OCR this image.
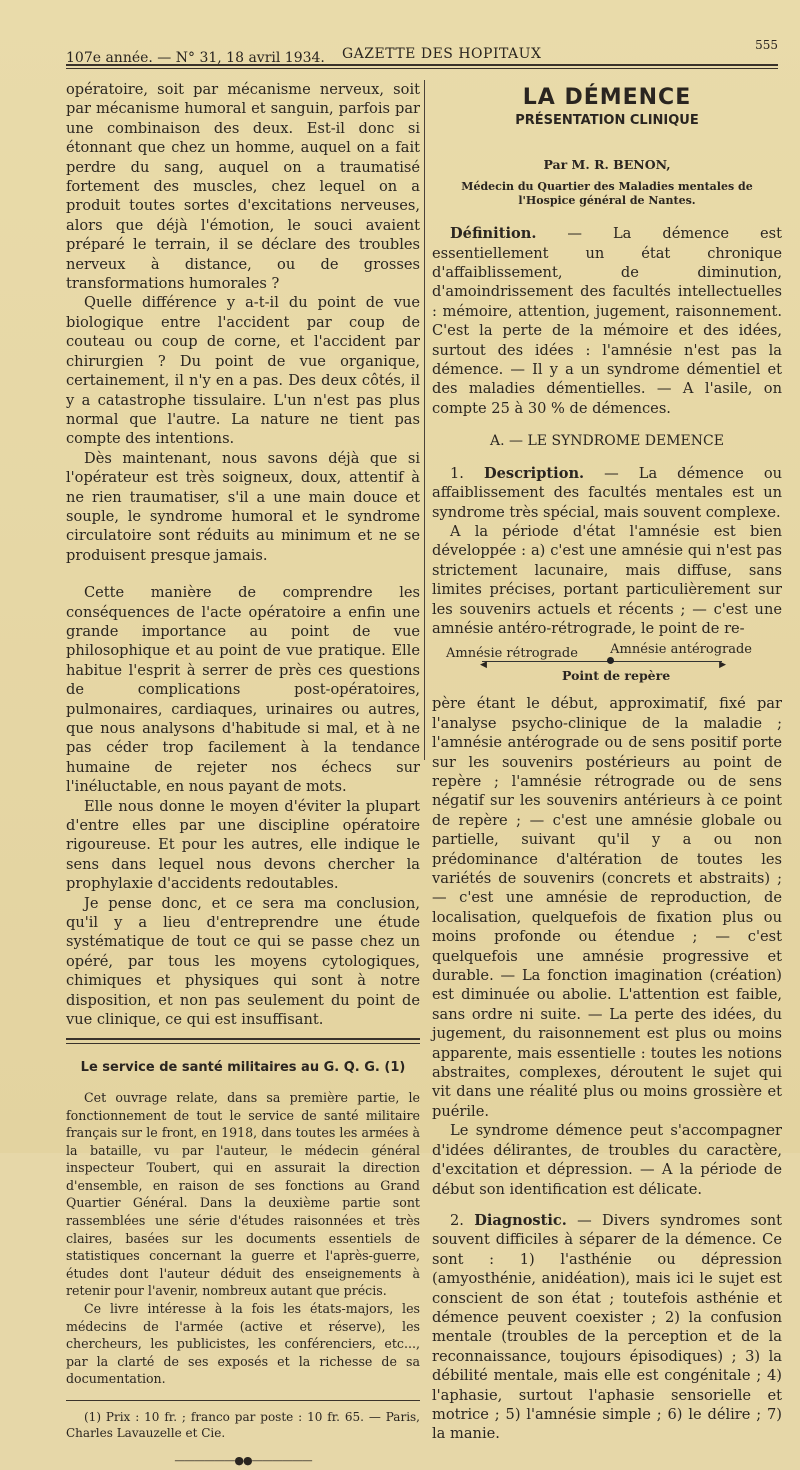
107e année. — N° 31, 18 avril 1934. GAZETTE DES HOPITAUX
555

opératoire, soit par mécanisme nerveux, soit par mécanisme humoral et sanguin, parfois par une combinaison des deux. Est-il donc si étonnant que chez un homme, auquel on a fait perdre du sang, auquel on a traumatisé fortement des muscles, chez lequel on a produit toutes sortes d'excitations nerveuses, alors que déjà l'émotion, le souci avaient préparé le terrain, il se déclare des troubles nerveux à distance, ou de grosses transformations humorales ?

Quelle différence y a-t-il du point de vue biologique entre l'accident par coup de couteau ou coup de corne, et l'accident par chirurgien ? Du point de vue organique, certainement, il n'y en a pas. Des deux côtés, il y a catastrophe tissulaire. L'un n'est pas plus normal que l'autre. La nature ne tient pas compte des intentions.

Dès maintenant, nous savons déjà que si l'opérateur est très soigneux, doux, attentif à ne rien traumatiser, s'il a une main douce et souple, le syndrome humoral et le syndrome circulatoire sont réduits au minimum et ne se produisent presque jamais.

Cette manière de comprendre les conséquences de l'acte opératoire a enfin une grande importance au point de vue philosophique et au point de vue pratique. Elle habitue l'esprit à serrer de près ces questions de complications post-opératoires, pulmonaires, cardiaques, urinaires ou autres, que nous analysons d'habitude si mal, et à ne pas céder trop facilement à la tendance humaine de rejeter nos échecs sur l'inéluctable, en nous payant de mots.

Elle nous donne le moyen d'éviter la plupart d'entre elles par une discipline opératoire rigoureuse. Et pour les autres, elle indique le sens dans lequel nous devons chercher la prophylaxie d'accidents redoutables.

Je pense donc, et ce sera ma conclusion, qu'il y a lieu d'entreprendre une étude systématique de tout ce qui se passe chez un opéré, par tous les moyens cytologiques, chimiques et physiques qui sont à notre disposition, et non pas seulement du point de vue clinique, ce qui est insuffisant.

Le service de santé militaires au G. Q. G. (1)

Cet ouvrage relate, dans sa première partie, le fonctionnement de tout le service de santé militaire français sur le front, en 1918, dans toutes les armées à la bataille, vu par l'auteur, le médecin général inspecteur Toubert, qui en assurait la direction d'ensemble, en raison de ses fonctions au Grand Quartier Général. Dans la deuxième partie sont rassemblées une série d'études raisonnées et très claires, basées sur les documents essentiels de statistiques concernant la guerre et l'après-guerre, études dont l'auteur déduit des enseignements à retenir pour l'avenir, nombreux autant que précis.

Ce livre intéresse à la fois les états-majors, les médecins de l'armée (active et réserve), les chercheurs, les publicistes, les conférenciers, etc..., par la clarté de ses exposés et la richesse de sa documentation.

(1) Prix : 10 fr. ; franco par poste : 10 fr. 65. — Paris, Charles Lavauzelle et Cie.

——————●●——————
LA DÉMENCE
PRÉSENTATION CLINIQUE
Par M. R. BENON,
Médecin du Quartier des Maladies mentales de l'Hospice général de Nantes.

Définition. — La démence est essentiellement un état chronique d'affaiblissement, de diminution, d'amoindrissement des facultés intellectuelles : mémoire, attention, jugement, raisonnement. C'est la perte de la mémoire et des idées, surtout des idées : l'amnésie n'est pas la démence. — Il y a un syndrome démentiel et des maladies démentielles. — A l'asile, on compte 25 à 30 % de démences.

A. — LE SYNDROME DEMENCE

1. Description. — La démence ou affaiblissement des facultés mentales est un syndrome très spécial, mais souvent complexe.

A la période d'état l'amnésie est bien développée : a) c'est une amnésie qui n'est pas strictement lacunaire, mais diffuse, sans limites précises, portant particulièrement sur les souvenirs actuels et récents ; — c'est une amnésie antéro-rétrograde, le point de re-

Amnésie rétrograde Amnésie antérograde
◀	▶
Point de repère

père étant le début, approximatif, fixé par l'analyse psycho-clinique de la maladie ; l'amnésie antérograde ou de sens positif porte sur les souvenirs postérieurs au point de repère ; l'amnésie rétrograde ou de sens négatif sur les souvenirs antérieurs à ce point de repère ; — c'est une amnésie globale ou partielle, suivant qu'il y a ou non prédominance d'altération de toutes les variétés de souvenirs (concrets et abstraits) ; — c'est une amnésie de reproduction, de localisation, quelquefois de fixation plus ou moins profonde ou étendue ; — c'est quelquefois une amnésie progressive et durable. — La fonction imagination (création) est diminuée ou abolie. L'attention est faible, sans ordre ni suite. — La perte des idées, du jugement, du raisonnement est plus ou moins apparente, mais essentielle : toutes les notions abstraites, complexes, déroutent le sujet qui vit dans une réalité plus ou moins grossière et puérile.

Le syndrome démence peut s'accompagner d'idées délirantes, de troubles du caractère, d'excitation et dépression. — A la période de début son identification est délicate.

2. Diagnostic. — Divers syndromes sont souvent difficiles à séparer de la démence. Ce sont : 1) l'asthénie ou dépression (amyosthénie, anidéation), mais ici le sujet est conscient de son état ; toutefois asthénie et démence peuvent coexister ; 2) la confusion mentale (troubles de la perception et de la reconnaissance, toujours épisodiques) ; 3) la débilité mentale, mais elle est congénitale ; 4) l'aphasie, surtout l'aphasie sensorielle et motrice ; 5) l'amnésie simple ; 6) le délire ; 7) la manie.
